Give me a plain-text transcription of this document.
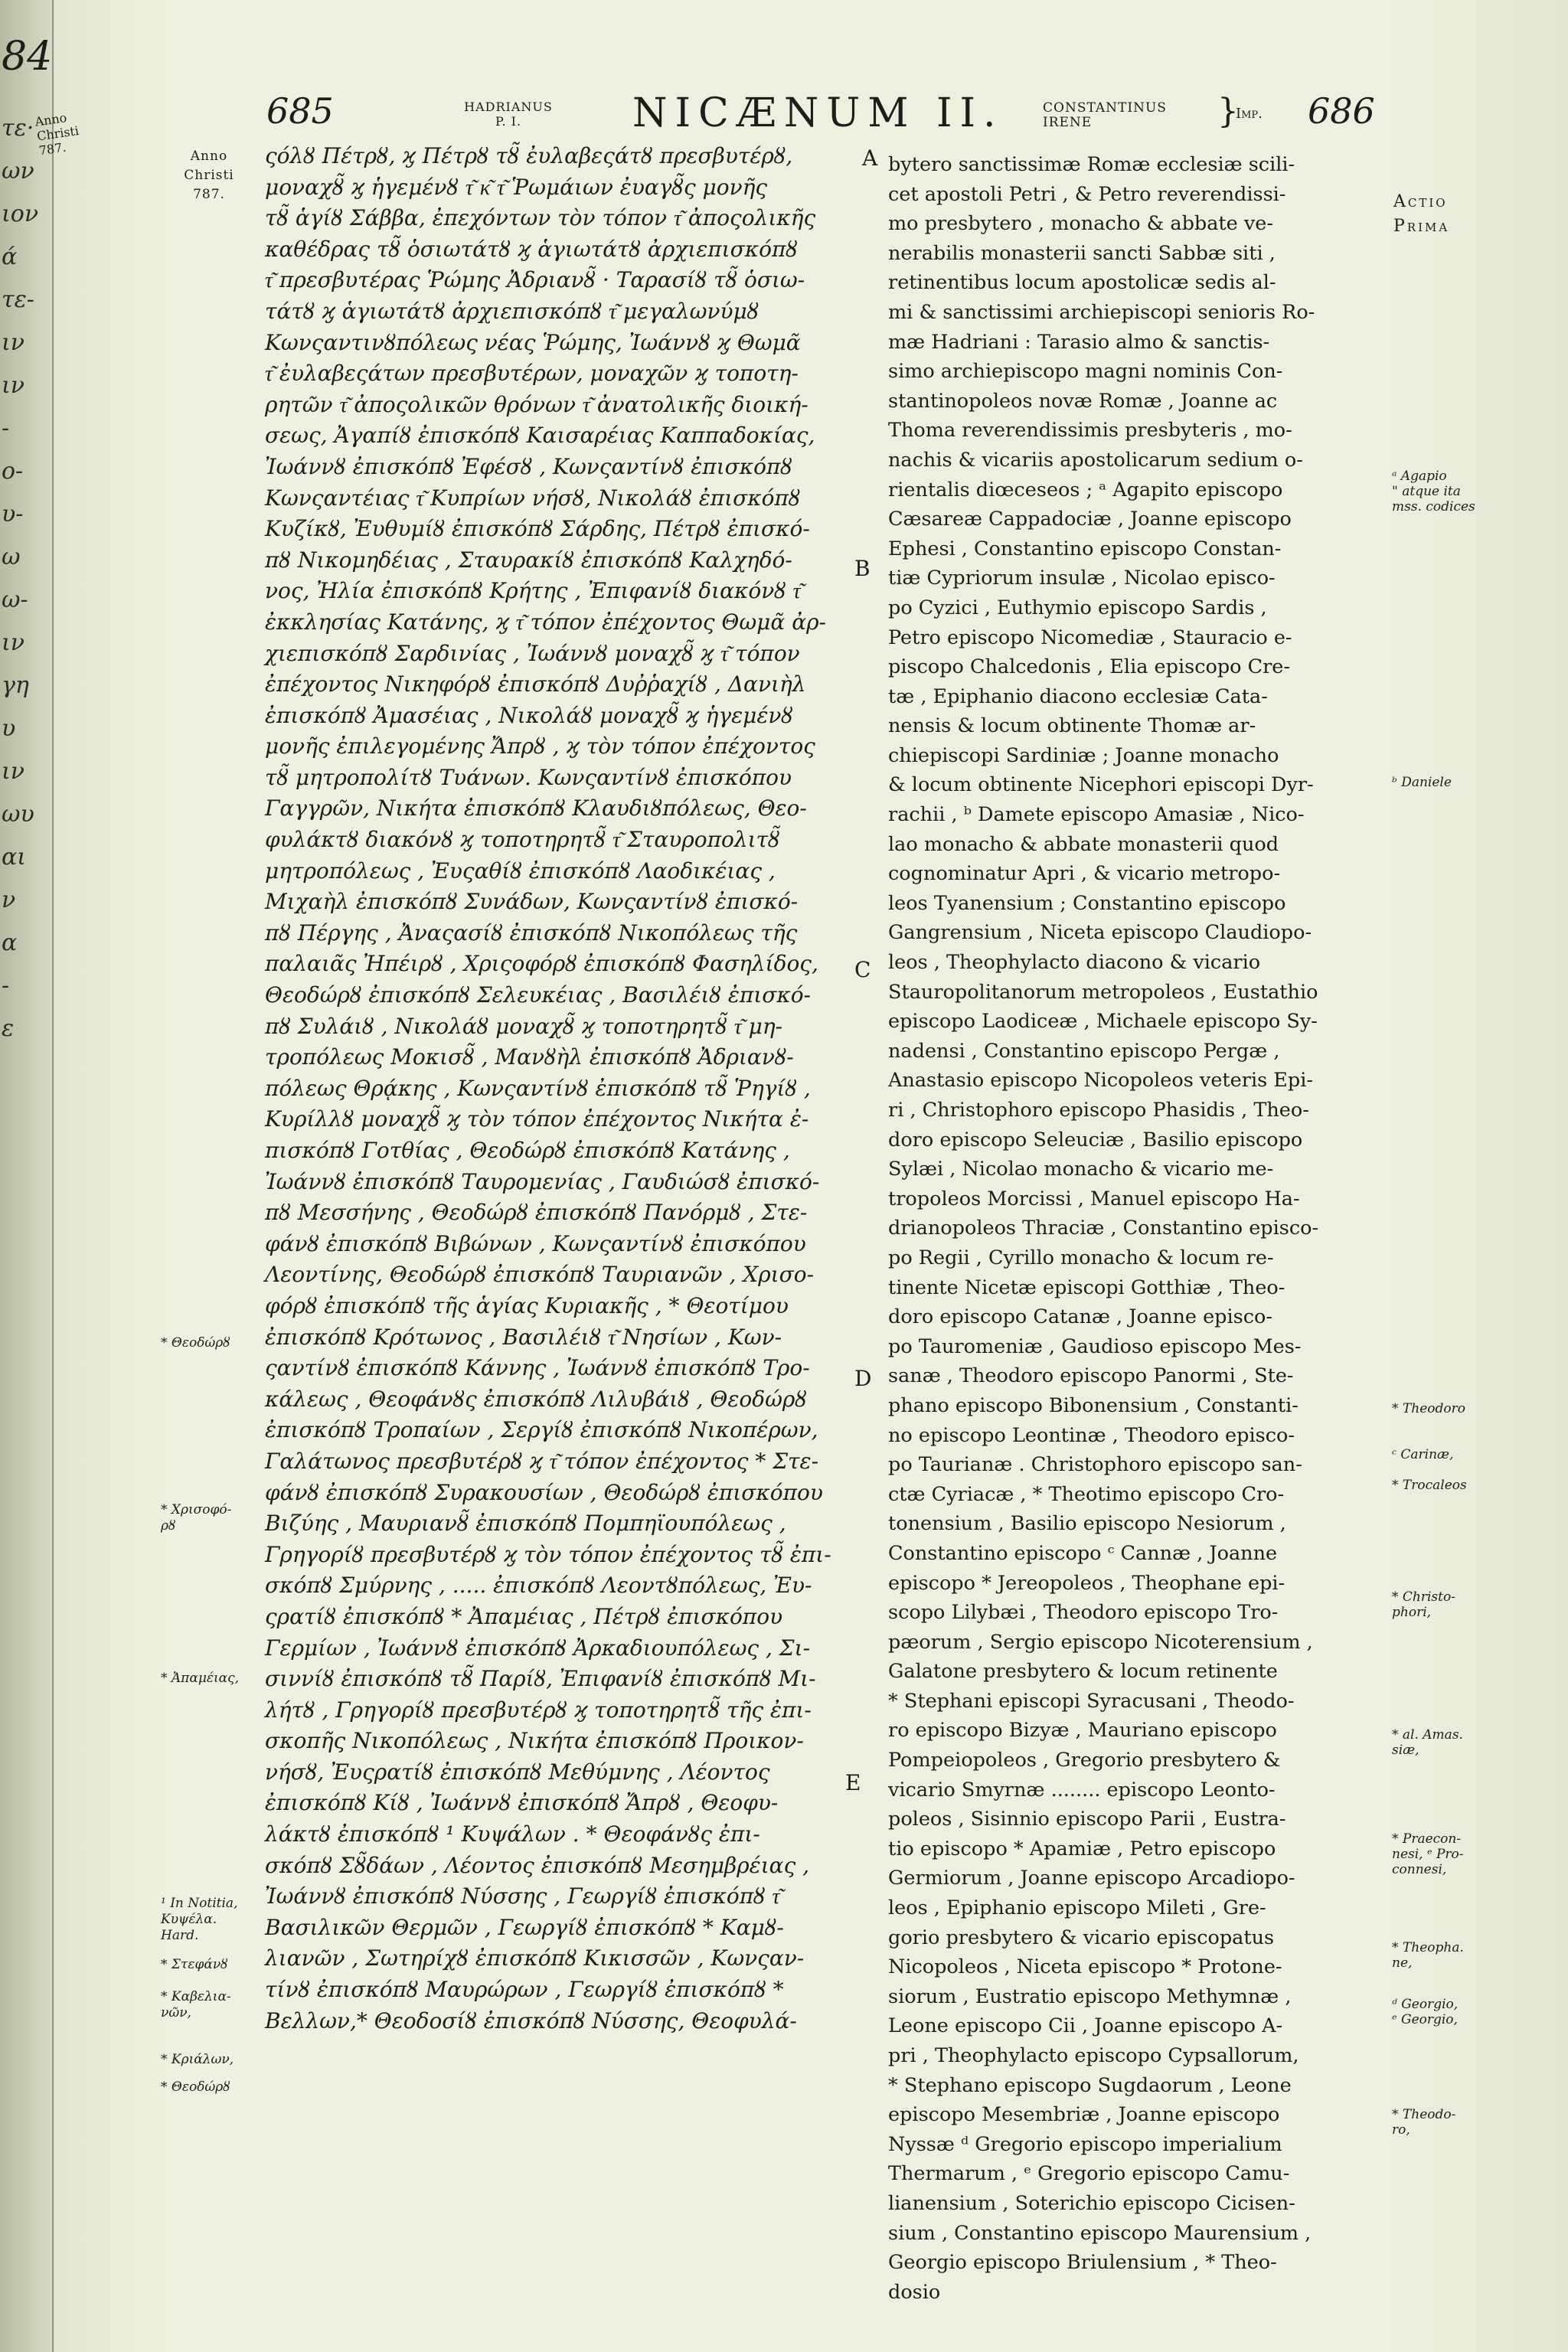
84
τε·
ων
ιον
ά
τε-
ιν
ιν
-
ο-
υ-
ω
ω-
ιν
γη
υ
ιν
ωυ
αι
ν
α
-
ε
Anno
Christi
787.
685	HADRIANUS
P. I.	NICÆNUM II.	CONSTANTINUS
IRENE	}
Imp. 686
Anno
Christi
787.	Actio
Prima
ςόλȣ Πέτρȣ, ϗ Πέτρȣ τȣ̃ ἐυλαβεςάτȣ πρεσβυτέρȣ,
μοναχȣ̃ ϗ ἡγεμένȣ τ͂ κ͂ τ͂ Ῥωμάιων ἐυαγȣ̃ς μονῆς
τȣ̃ ἁγίȣ Σάββα, ἐπεχόντων τὸν τόπον τ͂ ἀποςολικῆς
καθέδρας τȣ̃ ὁσιωτάτȣ ϗ ἁγιωτάτȣ ἀρχιεπισκόπȣ
τ͂ πρεσβυτέρας Ῥώμης Ἀδριανȣ̃ · Ταρασίȣ τȣ̃ ὁσιω-
τάτȣ ϗ ἁγιωτάτȣ ἀρχιεπισκόπȣ τ͂ μεγαλωνύμȣ
Κωνςαντινȣπόλεως νέας Ῥώμης, Ἰωάννȣ ϗ Θωμᾶ
τ͂ ἐυλαβεςάτων πρεσβυτέρων, μοναχῶν ϗ τοποτη-
ρητῶν τ͂ ἀποςολικῶν θρόνων τ͂ ἀνατολικῆς διοική-
σεως, Ἀγαπίȣ ἐπισκόπȣ Καισαρέιας Καππαδοκίας,
Ἰωάννȣ ἐπισκόπȣ Ἐφέσȣ , Κωνςαντίνȣ ἐπισκόπȣ
Κωνςαντέιας τ͂ Κυπρίων νήσȣ, Νικολάȣ ἐπισκόπȣ
Κυζίκȣ, Ἐυθυμίȣ ἐπισκόπȣ Σάρδης, Πέτρȣ ἐπισκό-
πȣ Νικομηδέιας , Σταυρακίȣ ἐπισκόπȣ Καλχηδό-
νος, Ἠλία ἐπισκόπȣ Κρήτης , Ἐπιφανίȣ διακόνȣ τ͂
ἐκκλησίας Κατάνης, ϗ τ͂ τόπον ἐπέχοντος Θωμᾶ ἀρ-
χιεπισκόπȣ Σαρδινίας , Ἰωάννȣ μοναχȣ̃ ϗ τ͂ τόπον
ἐπέχοντος Νικηφόρȣ ἐπισκόπȣ Δυῤῥαχίȣ , Δανιὴλ
ἐπισκόπȣ Ἀμασέιας , Νικολάȣ μοναχȣ̃ ϗ ἡγεμένȣ
μονῆς ἐπιλεγομένης Ἄπρȣ , ϗ τὸν τόπον ἐπέχοντος
τȣ̃ μητροπολίτȣ Τυάνων. Κωνςαντίνȣ ἐπισκόπου
Γαγγρῶν, Νικήτα ἐπισκόπȣ Κλαυδιȣπόλεως, Θεο-
φυλάκτȣ διακόνȣ ϗ τοποτηρητȣ̃ τ͂ Σταυροπολιτȣ̃
μητροπόλεως , Ἐυςαθίȣ ἐπισκόπȣ Λαοδικέιας ,
Μιχαὴλ ἐπισκόπȣ Συνάδων, Κωνςαντίνȣ ἐπισκό-
πȣ Πέργης , Ἀναςασίȣ ἐπισκόπȣ Νικοπόλεως τῆς
παλαιᾶς Ἠπέιρȣ , Χριςοφόρȣ ἐπισκόπȣ Φασηλίδος,
Θεοδώρȣ ἐπισκόπȣ Σελευκέιας , Βασιλέιȣ ἐπισκό-
πȣ Συλάιȣ , Νικολάȣ μοναχȣ̃ ϗ τοποτηρητȣ̃ τ͂ μη-
τροπόλεως Μοκισȣ̃ , Μανȣὴλ ἐπισκόπȣ Ἀδριανȣ-
πόλεως Θρᾴκης , Κωνςαντίνȣ ἐπισκόπȣ τȣ̃ Ῥηγίȣ ,
Κυρίλλȣ μοναχȣ̃ ϗ τὸν τόπον ἐπέχοντος Νικήτα ἐ-
πισκόπȣ Γοτθίας , Θεοδώρȣ ἐπισκόπȣ Κατάνης ,
Ἰωάννȣ ἐπισκόπȣ Ταυρομενίας , Γαυδιώσȣ ἐπισκό-
πȣ Μεσσήνης , Θεοδώρȣ ἐπισκόπȣ Πανόρμȣ , Στε-
φάνȣ ἐπισκόπȣ Βιβώνων , Κωνςαντίνȣ ἐπισκόπου
Λεοντίνης, Θεοδώρȣ ἐπισκόπȣ Ταυριανῶν , Χρισο-
φόρȣ ἐπισκόπȣ τῆς ἁγίας Κυριακῆς , * Θεοτίμου
ἐπισκόπȣ Κρότωνος , Βασιλέιȣ τ͂ Νησίων , Κων-
ςαντίνȣ ἐπισκόπȣ Κάννης , Ἰωάννȣ ἐπισκόπȣ Τρο-
κάλεως , Θεοφάνȣς ἐπισκόπȣ Λιλυβάιȣ , Θεοδώρȣ
ἐπισκόπȣ Τροπαίων , Σεργίȣ ἐπισκόπȣ Νικοπέρων,
Γαλάτωνος πρεσβυτέρȣ ϗ τ͂ τόπον ἐπέχοντος * Στε-
φάνȣ ἐπισκόπȣ Συρακουσίων , Θεοδώρȣ ἐπισκόπου
Βιζύης , Μαυριανȣ̃ ἐπισκόπȣ Πομπηϊουπόλεως ,
Γρηγορίȣ πρεσβυτέρȣ ϗ τὸν τόπον ἐπέχοντος τȣ̃ ἐπι-
σκόπȣ Σμύρνης , ..... ἐπισκόπȣ Λεοντȣπόλεως, Ἐυ-
ςρατίȣ ἐπισκόπȣ * Ἀπαμέιας , Πέτρȣ ἐπισκόπου
Γερμίων , Ἰωάννȣ ἐπισκόπȣ Ἀρκαδιουπόλεως , Σι-
σιννίȣ ἐπισκόπȣ τȣ̃ Παρίȣ, Ἐπιφανίȣ ἐπισκόπȣ Μι-
λήτȣ , Γρηγορίȣ πρεσβυτέρȣ ϗ τοποτηρητȣ̃ τῆς ἐπι-
σκοπῆς Νικοπόλεως , Νικήτα ἐπισκόπȣ Προικον-
νήσȣ, Ἐυςρατίȣ ἐπισκόπȣ Μεθύμνης , Λέοντος
ἐπισκόπȣ Κίȣ , Ἰωάννȣ ἐπισκόπȣ Ἄπρȣ , Θεοφυ-
λάκτȣ ἐπισκόπȣ ¹ Κυψάλων . * Θεοφάνȣς ἐπι-
σκόπȣ Σȣ̃δάων , Λέοντος ἐπισκόπȣ Μεσημβρέιας ,
Ἰωάννȣ ἐπισκόπȣ Νύσσης , Γεωργίȣ ἐπισκόπȣ τ͂
Βασιλικῶν Θερμῶν , Γεωργίȣ ἐπισκόπȣ * Καμȣ-
λιανῶν , Σωτηρίχȣ ἐπισκόπȣ Κικισσῶν , Κωνςαν-
τίνȣ ἐπισκόπȣ Μαυρώρων , Γεωργίȣ ἐπισκόπȣ *
Βελλων,* Θεοδοσίȣ ἐπισκόπȣ Νύσσης, Θεοφυλά-
bytero sanctissimæ Romæ ecclesiæ scili-
cet apostoli Petri , & Petro reverendissi-
mo presbytero , monacho & abbate ve-
nerabilis monasterii sancti Sabbæ siti ,
retinentibus locum apostolicæ sedis al-
mi & sanctissimi archiepiscopi senioris Ro-
mæ Hadriani : Tarasio almo & sanctis-
simo archiepiscopo magni nominis Con-
stantinopoleos novæ Romæ , Joanne ac
Thoma reverendissimis presbyteris , mo-
nachis & vicariis apostolicarum sedium o-
rientalis diœceseos ; ᵃ Agapito episcopo
Cæsareæ Cappadociæ , Joanne episcopo
Ephesi , Constantino episcopo Constan-
tiæ Cypriorum insulæ , Nicolao episco-
po Cyzici , Euthymio episcopo Sardis ,
Petro episcopo Nicomediæ , Stauracio e-
piscopo Chalcedonis , Elia episcopo Cre-
tæ , Epiphanio diacono ecclesiæ Cata-
nensis & locum obtinente Thomæ ar-
chiepiscopi Sardiniæ ; Joanne monacho
& locum obtinente Nicephori episcopi Dyr-
rachii , ᵇ Damete episcopo Amasiæ , Nico-
lao monacho & abbate monasterii quod
cognominatur Apri , & vicario metropo-
leos Tyanensium ; Constantino episcopo
Gangrensium , Niceta episcopo Claudiopo-
leos , Theophylacto diacono & vicario
Stauropolitanorum metropoleos , Eustathio
episcopo Laodiceæ , Michaele episcopo Sy-
nadensi , Constantino episcopo Pergæ ,
Anastasio episcopo Nicopoleos veteris Epi-
ri , Christophoro episcopo Phasidis , Theo-
doro episcopo Seleuciæ , Basilio episcopo
Sylæi , Nicolao monacho & vicario me-
tropoleos Morcissi , Manuel episcopo Ha-
drianopoleos Thraciæ , Constantino episco-
po Regii , Cyrillo monacho & locum re-
tinente Nicetæ episcopi Gotthiæ , Theo-
doro episcopo Catanæ , Joanne episco-
po Tauromeniæ , Gaudioso episcopo Mes-
sanæ , Theodoro episcopo Panormi , Ste-
phano episcopo Bibonensium , Constanti-
no episcopo Leontinæ , Theodoro episco-
po Taurianæ . Christophoro episcopo san-
ctæ Cyriacæ , * Theotimo episcopo Cro-
tonensium , Basilio episcopo Nesiorum ,
Constantino episcopo ᶜ Cannæ , Joanne
episcopo * Jereopoleos , Theophane epi-
scopo Lilybæi , Theodoro episcopo Tro-
pæorum , Sergio episcopo Nicoterensium ,
Galatone presbytero & locum retinente
* Stephani episcopi Syracusani , Theodo-
ro episcopo Bizyæ , Mauriano episcopo
Pompeiopoleos , Gregorio presbytero &
vicario Smyrnæ ........ episcopo Leonto-
poleos , Sisinnio episcopo Parii , Eustra-
tio episcopo * Apamiæ , Petro episcopo
Germiorum , Joanne episcopo Arcadiopo-
leos , Epiphanio episcopo Mileti , Gre-
gorio presbytero & vicario episcopatus
Nicopoleos , Niceta episcopo * Protone-
siorum , Eustratio episcopo Methymnæ ,
Leone episcopo Cii , Joanne episcopo A-
pri , Theophylacto episcopo Cypsallorum,
* Stephano episcopo Sugdaorum , Leone
episcopo Mesembriæ , Joanne episcopo
Nyssæ ᵈ Gregorio episcopo imperialium
Thermarum , ᵉ Gregorio episcopo Camu-
lianensium , Soterichio episcopo Cicisen-
sium , Constantino episcopo Maurensium ,
Georgio episcopo Briulensium , * Theo-
dosio
A
B
C
D
E
* Θεοδώρȣ
* Χρισοφό-
ρȣ
* Ἀπαμέιας,
¹ In Notitia,
Κυψέλα.
Hard.
* Στεφάνȣ
* Καβελια-
νῶν,
* Κριάλων,
* Θεοδώρȣ
ᵃ Agapio
" atque ita
mss. codices
ᵇ Daniele
* Theodoro
ᶜ Carinæ,
* Trocaleos
* Christo-
phori,
* al. Amas.
siæ,
* Praecon-
nesi, ᵉ Pro-
connesi,
* Theopha.
ne,
ᵈ Georgio,
ᵉ Georgio,
* Theodo-
ro,
